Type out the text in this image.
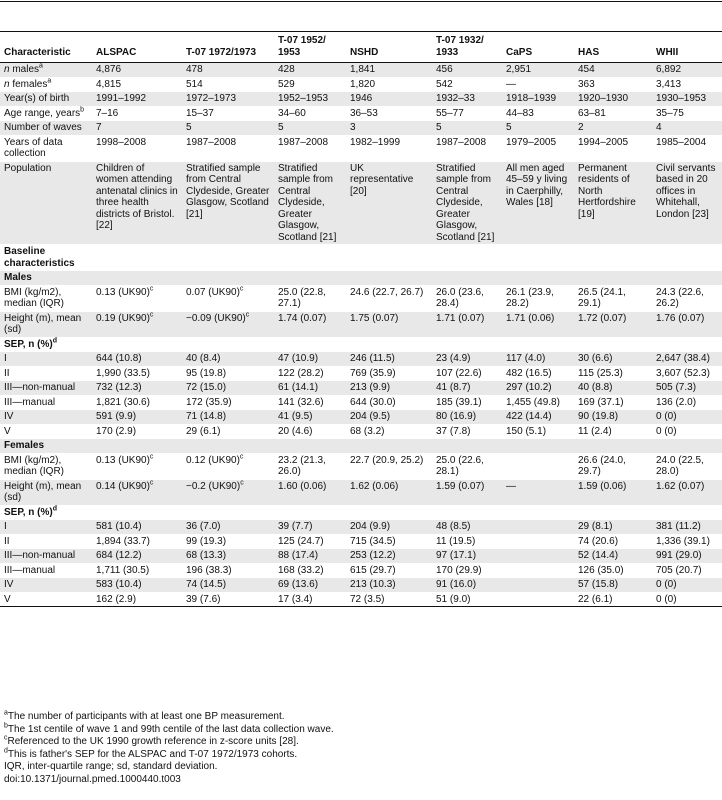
Characteristic	ALSPAC	T-07 1972/1973	T-07 1952/ 1953	NSHD	T-07 1932/ 1933	CaPS	HAS	WHII
n males$^a$	4,876	478	428	1,841	456	2,951	454	6,892
n females$^a$	4,815	514	529	1,820	542	—	363	3,413
Year(s) of birth	1991–1992	1972–1973	1952–1953	1946	1932–33	1918–1939	1920–1930	1930–1953
Age range, years$^b$	7–16	15–37	34–60	36–53	55–77	44–83	63–81	35–75
Number of waves	7	5	5	3	5	5	2	4
Years of data collection	1998–2008	1987–2008	1987–2008	1982–1999	1987–2008	1979–2005	1994–2005	1985–2004
Population	Children of women attending antenatal clinics in three health districts of Bristol.[22]	Stratified sample from Central Clydeside, Greater Glasgow, Scotland [21]	Stratified sample from Central Clydeside, Greater Glasgow, Scotland [21]	UK representative [20]	Stratified sample from Central Clydeside, Greater Glasgow, Scotland [21]	All men aged 45–59 y living in Caerphilly, Wales [18]	Permanent residents of North Hertfordshire [19]	Civil servants based in 20 offices in Whitehall, London [23]
Baseline characteristics								
Males								
BMI (kg/m2), median (IQR)	0.13 $(UK90)^c$	0.07 $(UK90)^c$	25.0 (22.8, 27.1)	24.6 (22.7, 26.7)	26.0 (23.6, 28.4)	26.1 (23.9, 28.2)	26.5 (24.1, 29.1)	24.3 (22.6, 26.2)
Height (m), mean (sd)	0.19 $(UK90)^c$	−0.09 $(UK90)^c$	1.74 (0.07)	1.75 (0.07)	1.71 (0.07)	1.71 (0.06)	1.72 (0.07)	1.76 (0.07)
SEP, n (%)$^d$								
I	644 (10.8)	40 (8.4)	47 (10.9)	246 (11.5)	23 (4.9)	117 (4.0)	30 (6.6)	2,647 (38.4)
II	1,990 (33.5)	95 (19.8)	122 (28.2)	769 (35.9)	107 (22.6)	482 (16.5)	115 (25.3)	3,607 (52.3)
III—non-manual	732 (12.3)	72 (15.0)	61 (14.1)	213 (9.9)	41 (8.7)	297 (10.2)	40 (8.8)	505 (7.3)
III—manual	1,821 (30.6)	172 (35.9)	141 (32.6)	644 (30.0)	185 (39.1)	1,455 (49.8)	169 (37.1)	136 (2.0)
IV	591 (9.9)	71 (14.8)	41 (9.5)	204 (9.5)	80 (16.9)	422 (14.4)	90 (19.8)	0 (0)
V	170 (2.9)	29 (6.1)	20 (4.6)	68 (3.2)	37 (7.8)	150 (5.1)	11 (2.4)	0 (0)
Females								
BMI (kg/m2), median (IQR)	0.13 $(UK90)^c$	0.12 $(UK90)^c$	23.2 (21.3, 26.0)	22.7 (20.9, 25.2)	25.0 (22.6, 28.1)		26.6 (24.0, 29.7)	24.0 (22.5, 28.0)
Height (m), mean (sd)	0.14 $(UK90)^c$	−0.2 $(UK90)^c$	1.60 (0.06)	1.62 (0.06)	1.59 (0.07)	—	1.59 (0.06)	1.62 (0.07)
SEP, n (%)$^d$								
I	581 (10.4)	36 (7.0)	39 (7.7)	204 (9.9)	48 (8.5)		29 (8.1)	381 (11.2)
II	1,894 (33.7)	99 (19.3)	125 (24.7)	715 (34.5)	11 (19.5)		74 (20.6)	1,336 (39.1)
III—non-manual	684 (12.2)	68 (13.3)	88 (17.4)	253 (12.2)	97 (17.1)		52 (14.4)	991 (29.0)
III—manual	1,711 (30.5)	196 (38.3)	168 (33.2)	615 (29.7)	170 (29.9)		126 (35.0)	705 (20.7)
IV	583 (10.4)	74 (14.5)	69 (13.6)	213 (10.3)	91 (16.0)		57 (15.8)	0 (0)
V	162 (2.9)	39 (7.6)	17 (3.4)	72 (3.5)	51 (9.0)		22 (6.1)	0 (0)
$^a$The number of participants with at least one BP measurement.
$^b$The 1st centile of wave 1 and 99th centile of the last data collection wave.
$^c$Referenced to the UK 1990 growth reference in z-score units [28].
$^d$This is father's SEP for the ALSPAC and T-07 1972/1973 cohorts.
IQR, inter-quartile range; sd, standard deviation.
doi:10.1371/journal.pmed.1000440.t003
